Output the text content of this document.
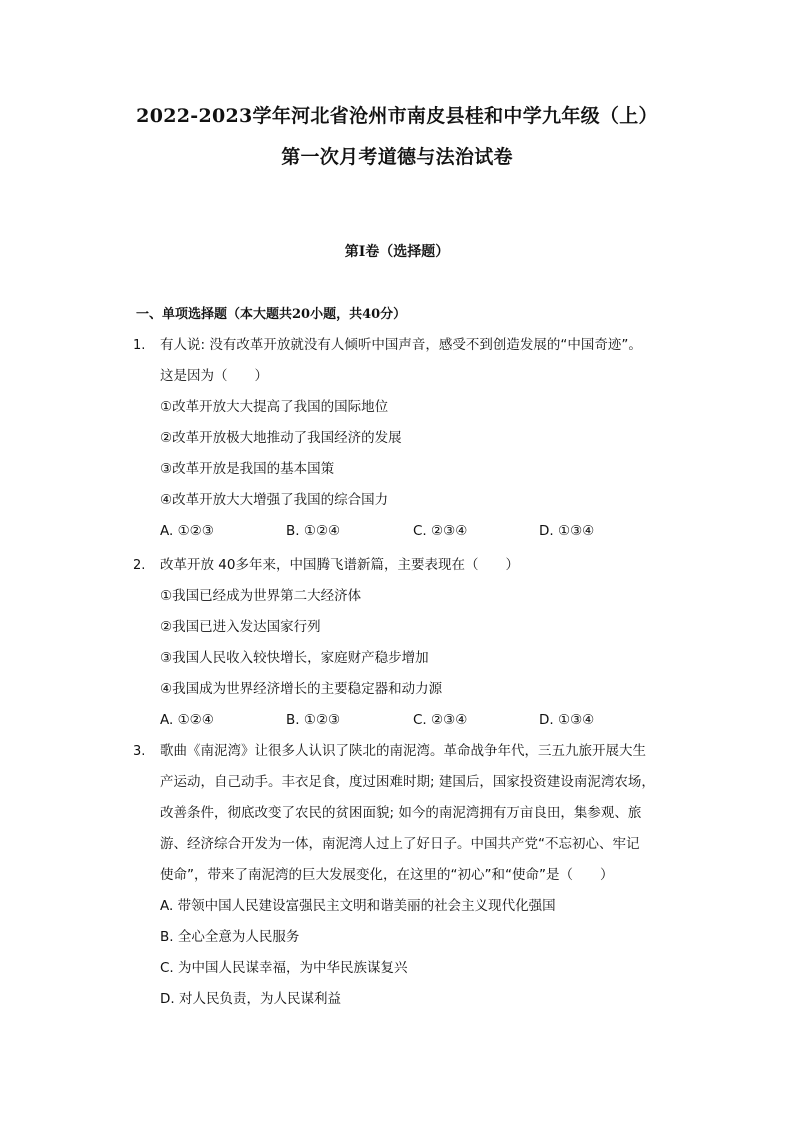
2022-2023学年河北省沧州市南皮县桂和中学九年级（上）
第一次月考道德与法治试卷
第I卷（选择题）
一、单项选择题（本大题共20小题，共40分）
1. 有人说: 没有改革开放就没有人倾听中国声音，感受不到创造发展的“中国奇迹”。
这是因为（　　）
①改革开放大大提高了我国的国际地位
②改革开放极大地推动了我国经济的发展
③改革开放是我国的基本国策
④改革开放大大增强了我国的综合国力
A. ①②③	B. ①②④	C. ②③④	D. ①③④
2. 改革开放 40多年来，中国腾飞谱新篇，主要表现在（　　）
①我国已经成为世界第二大经济体
②我国已进入发达国家行列
③我国人民收入较快增长，家庭财产稳步增加
④我国成为世界经济增长的主要稳定器和动力源
A. ①②④	B. ①②③	C. ②③④	D. ①③④
3. 歌曲《南泥湾》让很多人认识了陕北的南泥湾。革命战争年代，三五九旅开展大生
产运动，自己动手。丰衣足食，度过困难时期; 建国后，国家投资建设南泥湾农场，
改善条件，彻底改变了农民的贫困面貌; 如今的南泥湾拥有万亩良田，集参观、旅
游、经济综合开发为一体，南泥湾人过上了好日子。中国共产党“不忘初心、牢记
使命”，带来了南泥湾的巨大发展变化，在这里的“初心”和“使命”是（　　）
A. 带领中国人民建设富强民主文明和谐美丽的社会主义现代化强国
B. 全心全意为人民服务
C. 为中国人民谋幸福，为中华民族谋复兴
D. 对人民负责，为人民谋利益
